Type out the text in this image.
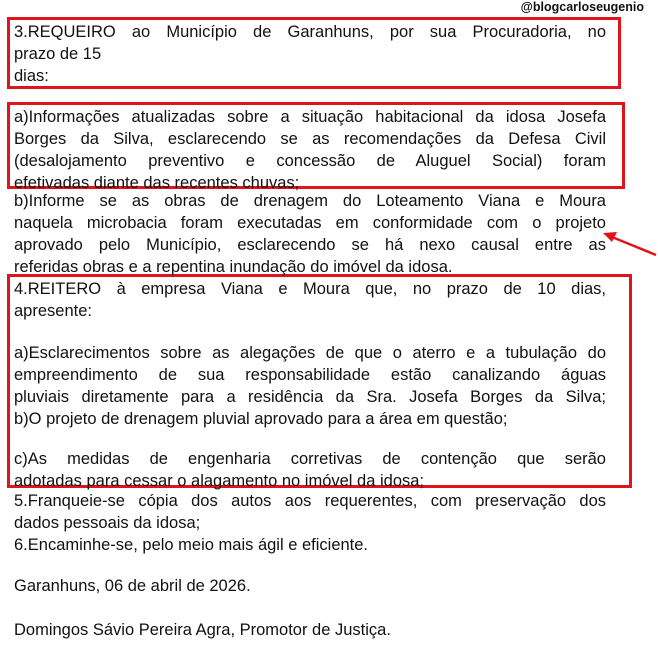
@blogcarloseugenio
3.REQUEIRO ao Município de Garanhuns, por sua Procuradoria, no
prazo de 15
dias:
a)Informações atualizadas sobre a situação habitacional da idosa Josefa
Borges da Silva, esclarecendo se as recomendações da Defesa Civil
(desalojamento preventivo e concessão de Aluguel Social) foram
efetivadas diante das recentes chuvas;
b)Informe se as obras de drenagem do Loteamento Viana e Moura
naquela microbacia foram executadas em conformidade com o projeto
aprovado pelo Município, esclarecendo se há nexo causal entre as
referidas obras e a repentina inundação do imóvel da idosa.
4.REITERO à empresa Viana e Moura que, no prazo de 10 dias,
apresente:
a)Esclarecimentos sobre as alegações de que o aterro e a tubulação do
empreendimento de sua responsabilidade estão canalizando águas
pluviais diretamente para a residência da Sra. Josefa Borges da Silva;
b)O projeto de drenagem pluvial aprovado para a área em questão;
c)As medidas de engenharia corretivas de contenção que serão
adotadas para cessar o alagamento no imóvel da idosa;
5.Franqueie-se cópia dos autos aos requerentes, com preservação dos
dados pessoais da idosa;
6.Encaminhe-se, pelo meio mais ágil e eficiente.
Garanhuns, 06 de abril de 2026.
Domingos Sávio Pereira Agra, Promotor de Justiça.
